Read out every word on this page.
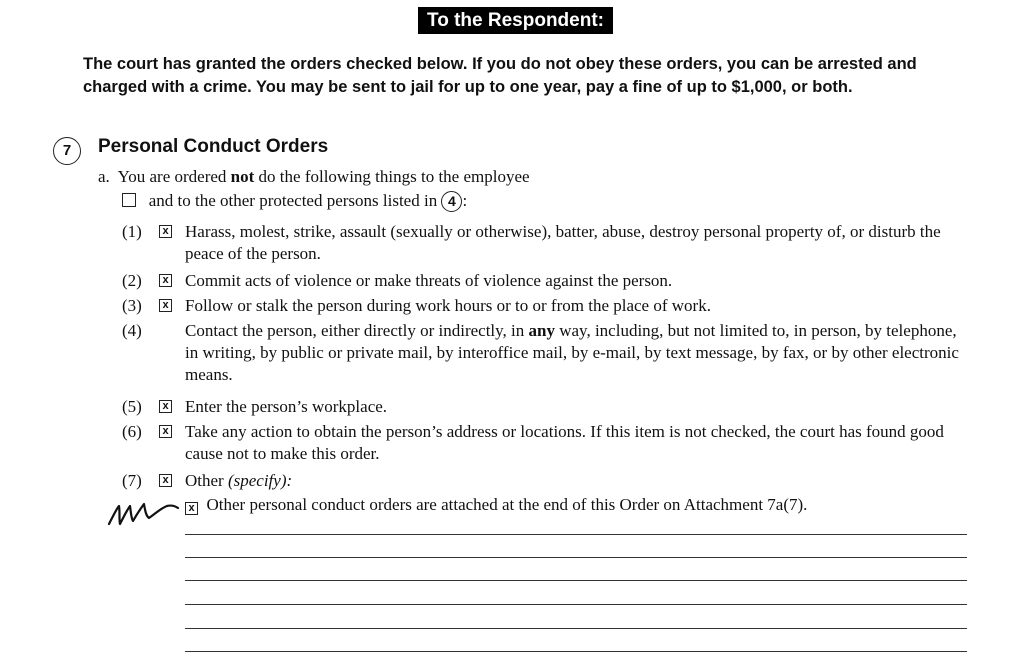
To the Respondent:
The court has granted the orders checked below. If you do not obey these orders, you can be arrested and charged with a crime. You may be sent to jail for up to one year, pay a fine of up to $1,000, or both.
7	Personal Conduct Orders
a. You are ordered not do the following things to the employee
and to the other protected persons listed in 4 :
(1)	x Harass, molest, strike, assault (sexually or otherwise), batter, abuse, destroy personal property of, or disturb the peace of the person.
(2)	x Commit acts of violence or make threats of violence against the person.
(3)	x Follow or stalk the person during work hours or to or from the place of work.
(4)	Contact the person, either directly or indirectly, in any way, including, but not limited to, in person, by telephone, in writing, by public or private mail, by interoffice mail, by e-mail, by text message, by fax, or by other electronic means.
(5)	x Enter the person’s workplace.
(6)	x Take any action to obtain the person’s address or locations. If this item is not checked, the court has found good cause not to make this order.
(7)	x Other (specify):
x Other personal conduct orders are attached at the end of this Order on Attachment 7a(7).
